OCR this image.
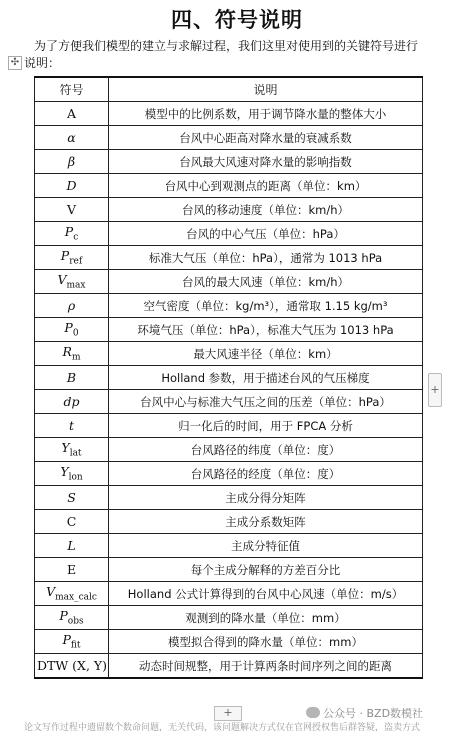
四、符号说明
为了方便我们模型的建立与求解过程，我们这里对使用到的关键符号进行
说明：
✣
符号	说明
A	模型中的比例系数，用于调节降水量的整体大小
α	台风中心距高对降水量的衰减系数
β	台风最大风速对降水量的影响指数
D	台风中心到观测点的距离（单位：km）
V	台风的移动速度（单位：km/h）
$P_c$	台风的中心气压（单位：hPa）
$P_{ref}$	标准大气压（单位：hPa），通常为 1013 hPa
$V_{max}$	台风的最大风速（单位：km/h）
ρ	空气密度（单位：kg/m³），通常取 1.15 kg/m³
$P_0$	环境气压（单位：hPa），标准大气压为 1013 hPa
$R_m$	最大风速半径（单位：km）
B	Holland 参数，用于描述台风的气压梯度
dp	台风中心与标准大气压之间的压差（单位：hPa）
t	归一化后的时间，用于 FPCA 分析
$Y_{lat}$	台风路径的纬度（单位：度）
$Y_{lon}$	台风路径的经度（单位：度）
S	主成分得分矩阵
C	主成分系数矩阵
L	主成分特征值
E	每个主成分解释的方差百分比
$V_{max\_calc}$	Holland 公式计算得到的台风中心风速（单位：m/s）
$P_{obs}$	观测到的降水量（单位：mm）
$P_{fit}$	模型拟合得到的降水量（单位：mm）
DTW (X, Y)	动态时间规整，用于计算两条时间序列之间的距离
+
+
论文写作过程中遗留数个数命问题，无关代码，该问题解决方式仅在官网授权售后群答疑，盗卖方式
公众号 · BZD数模社
